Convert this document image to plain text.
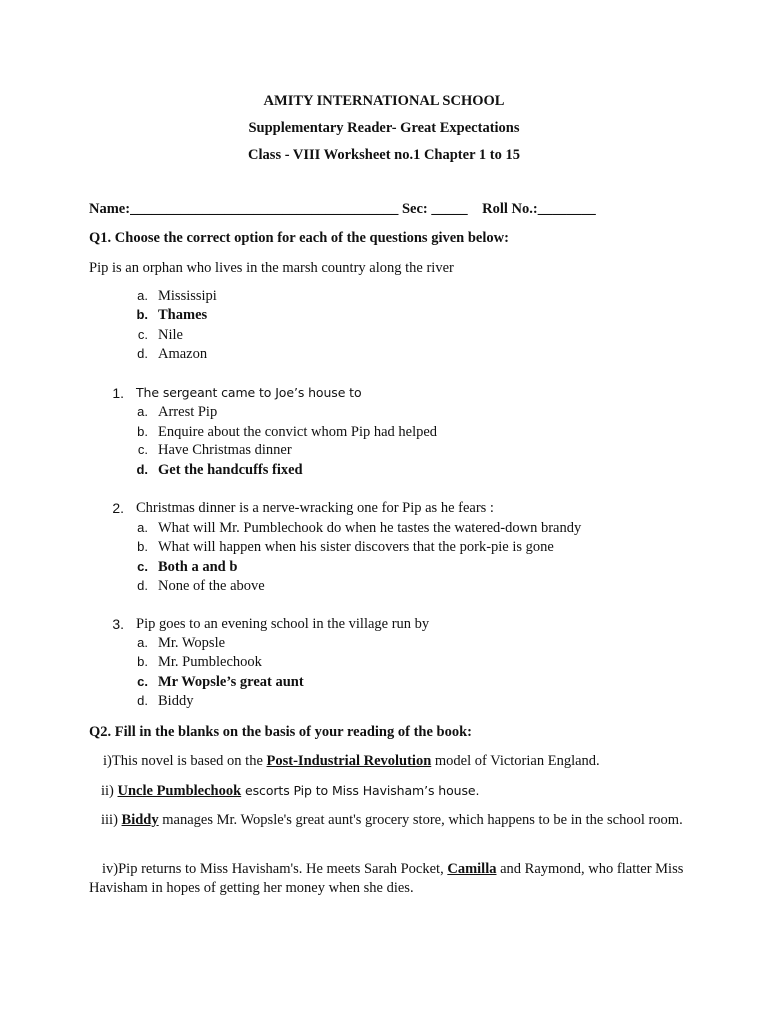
AMITY INTERNATIONAL SCHOOL
Supplementary Reader- Great Expectations
Class - VIII Worksheet no.1 Chapter 1 to 15
Name:_____________________________________ Sec: _____ Roll No.:________
Q1. Choose the correct option for each of the questions given below:
Pip is an orphan who lives in the marsh country along the river
a. Mississipi
b. Thames
c. Nile
d. Amazon
1. The sergeant came to Joe’s house to
a. Arrest Pip
b. Enquire about the convict whom Pip had helped
c. Have Christmas dinner
d. Get the handcuffs fixed
2. Christmas dinner is a nerve-wracking one for Pip as he fears :
a. What will Mr. Pumblechook do when he tastes the watered-down brandy
b. What will happen when his sister discovers that the pork-pie is gone
c. Both a and b
d. None of the above
3. Pip goes to an evening school in the village run by
a. Mr. Wopsle
b. Mr. Pumblechook
c. Mr Wopsle’s great aunt
d. Biddy
Q2. Fill in the blanks on the basis of your reading of the book:
i)This novel is based on the Post-Industrial Revolution model of Victorian England.
ii) Uncle Pumblechook escorts Pip to Miss Havisham’s house.
iii) Biddy manages Mr. Wopsle's great aunt's grocery store, which happens to be in the school room.
iv)Pip returns to Miss Havisham's. He meets Sarah Pocket, Camilla and Raymond, who flatter Miss Havisham in hopes of getting her money when she dies.
